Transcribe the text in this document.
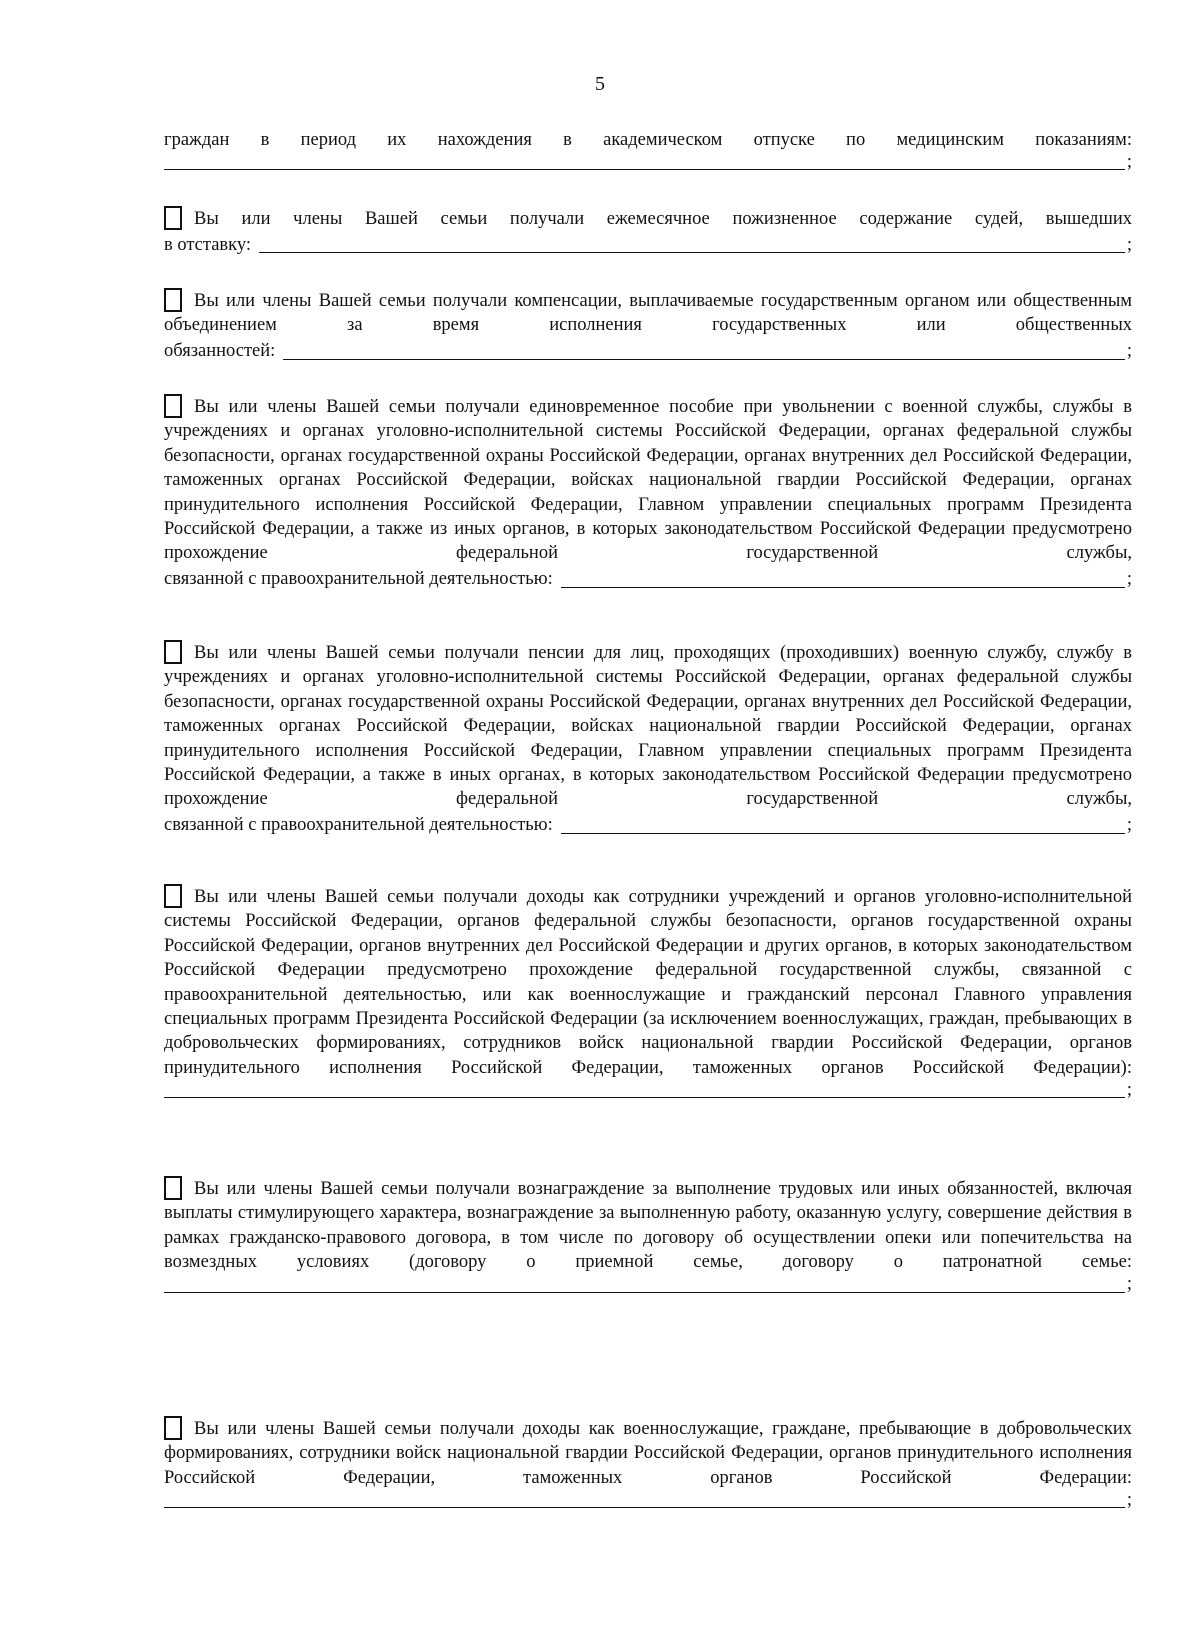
5
граждан в период их нахождения в академическом отпуске по медицинским показаниям:
;
Вы или члены Вашей семьи получали ежемесячное пожизненное содержание судей, вышедших
в отставку:	;
Вы или члены Вашей семьи получали компенсации, выплачиваемые государственным органом или общественным объединением за время исполнения государственных или общественных
обязанностей:	;
Вы или члены Вашей семьи получали единовременное пособие при увольнении с военной службы, службы в учреждениях и органах уголовно-исполнительной системы Российской Федерации, органах федеральной службы безопасности, органах государственной охраны Российской Федерации, органах внутренних дел Российской Федерации, таможенных органах Российской Федерации, войсках национальной гвардии Российской Федерации, органах принудительного исполнения Российской Федерации, Главном управлении специальных программ Президента Российской Федерации, а также из иных органов, в которых законодательством Российской Федерации предусмотрено прохождение федеральной государственной службы,
связанной с правоохранительной деятельностью:	;
Вы или члены Вашей семьи получали пенсии для лиц, проходящих (проходивших) военную службу, службу в учреждениях и органах уголовно-исполнительной системы Российской Федерации, органах федеральной службы безопасности, органах государственной охраны Российской Федерации, органах внутренних дел Российской Федерации, таможенных органах Российской Федерации, войсках национальной гвардии Российской Федерации, органах принудительного исполнения Российской Федерации, Главном управлении специальных программ Президента Российской Федерации, а также в иных органах, в которых законодательством Российской Федерации предусмотрено прохождение федеральной государственной службы,
связанной с правоохранительной деятельностью:	;
Вы или члены Вашей семьи получали доходы как сотрудники учреждений и органов уголовно-исполнительной системы Российской Федерации, органов федеральной службы безопасности, органов государственной охраны Российской Федерации, органов внутренних дел Российской Федерации и других органов, в которых законодательством Российской Федерации предусмотрено прохождение федеральной государственной службы, связанной с правоохранительной деятельностью, или как военнослужащие и гражданский персонал Главного управления специальных программ Президента Российской Федерации (за исключением военнослужащих, граждан, пребывающих в добровольческих формированиях, сотрудников войск национальной гвардии Российской Федерации, органов принудительного исполнения Российской Федерации, таможенных органов Российской Федерации):
;
Вы или члены Вашей семьи получали вознаграждение за выполнение трудовых или иных обязанностей, включая выплаты стимулирующего характера, вознаграждение за выполненную работу, оказанную услугу, совершение действия в рамках гражданско-правового договора, в том числе по договору об осуществлении опеки или попечительства на возмездных условиях (договору о приемной семье, договору о патронатной семье:
;
Вы или члены Вашей семьи получали доходы как военнослужащие, граждане, пребывающие в добровольческих формированиях, сотрудники войск национальной гвардии Российской Федерации, органов принудительного исполнения Российской Федерации, таможенных органов Российской Федерации:
;
